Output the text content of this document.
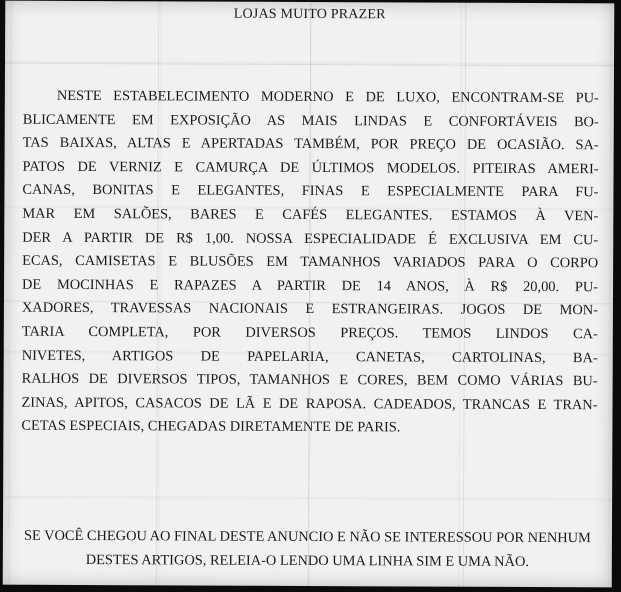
LOJAS MUITO PRAZER
NESTE ESTABELECIMENTO MODERNO E DE LUXO, ENCONTRAM-SE PU-
BLICAMENTE EM EXPOSIÇÃO AS MAIS LINDAS E CONFORTÁVEIS BO-
TAS BAIXAS, ALTAS E APERTADAS TAMBÉM, POR PREÇO DE OCASIÃO. SA-
PATOS DE VERNIZ E CAMURÇA DE ÚLTIMOS MODELOS. PITEIRAS AMERI-
CANAS, BONITAS E ELEGANTES, FINAS E ESPECIALMENTE PARA FU-
MAR EM SALÕES, BARES E CAFÉS ELEGANTES. ESTAMOS À VEN-
DER A PARTIR DE R$ 1,00. NOSSA ESPECIALIDADE É EXCLUSIVA EM CU-
ECAS, CAMISETAS E BLUSÕES EM TAMANHOS VARIADOS PARA O CORPO
DE MOCINHAS E RAPAZES A PARTIR DE 14 ANOS, À R$ 20,00. PU-
XADORES, TRAVESSAS NACIONAIS E ESTRANGEIRAS. JOGOS DE MON-
TARIA COMPLETA, POR DIVERSOS PREÇOS. TEMOS LINDOS CA-
NIVETES, ARTIGOS DE PAPELARIA, CANETAS, CARTOLINAS, BA-
RALHOS DE DIVERSOS TIPOS, TAMANHOS E CORES, BEM COMO VÁRIAS BU-
ZINAS, APITOS, CASACOS DE LÃ E DE RAPOSA. CADEADOS, TRANCAS E TRAN-
CETAS ESPECIAIS, CHEGADAS DIRETAMENTE DE PARIS.
SE VOCÊ CHEGOU AO FINAL DESTE ANUNCIO E NÃO SE INTERESSOU POR NENHUM
DESTES ARTIGOS, RELEIA-O LENDO UMA LINHA SIM E UMA NÃO.
